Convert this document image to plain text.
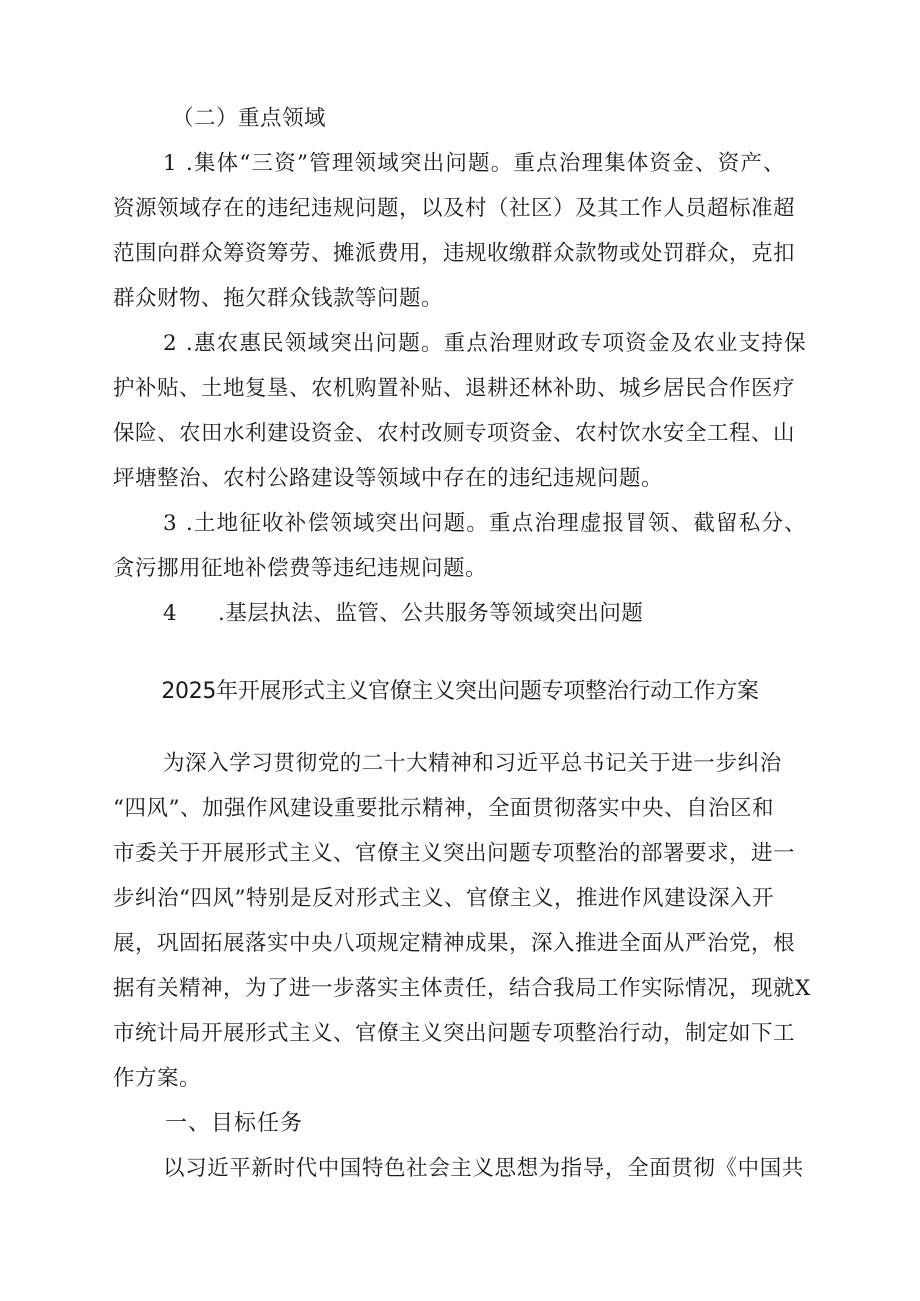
（二）重点领域
1 .集体“三资”管理领域突出问题。重点治理集体资金、资产、
资源领域存在的违纪违规问题，以及村（社区）及其工作人员超标准超
范围向群众筹资筹劳、摊派费用，违规收缴群众款物或处罚群众，克扣
群众财物、拖欠群众钱款等问题。
2 .惠农惠民领域突出问题。重点治理财政专项资金及农业支持保
护补贴、土地复垦、农机购置补贴、退耕还林补助、城乡居民合作医疗
保险、农田水利建设资金、农村改厕专项资金、农村饮水安全工程、山
坪塘整治、农村公路建设等领域中存在的违纪违规问题。
3 .土地征收补偿领域突出问题。重点治理虚报冒领、截留私分、
贪污挪用征地补偿费等违纪违规问题。
4 .基层执法、监管、公共服务等领域突出问题
2025年开展形式主义官僚主义突出问题专项整治行动工作方案
为深入学习贯彻党的二十大精神和习近平总书记关于进一步纠治
“四风”、加强作风建设重要批示精神，全面贯彻落实中央、自治区和
市委关于开展形式主义、官僚主义突出问题专项整治的部署要求，进一
步纠治“四风”特别是反对形式主义、官僚主义，推进作风建设深入开
展，巩固拓展落实中央八项规定精神成果，深入推进全面从严治党，根
据有关精神，为了进一步落实主体责任，结合我局工作实际情况，现就X
市统计局开展形式主义、官僚主义突出问题专项整治行动，制定如下工
作方案。
一、目标任务
以习近平新时代中国特色社会主义思想为指导，全面贯彻《中国共
